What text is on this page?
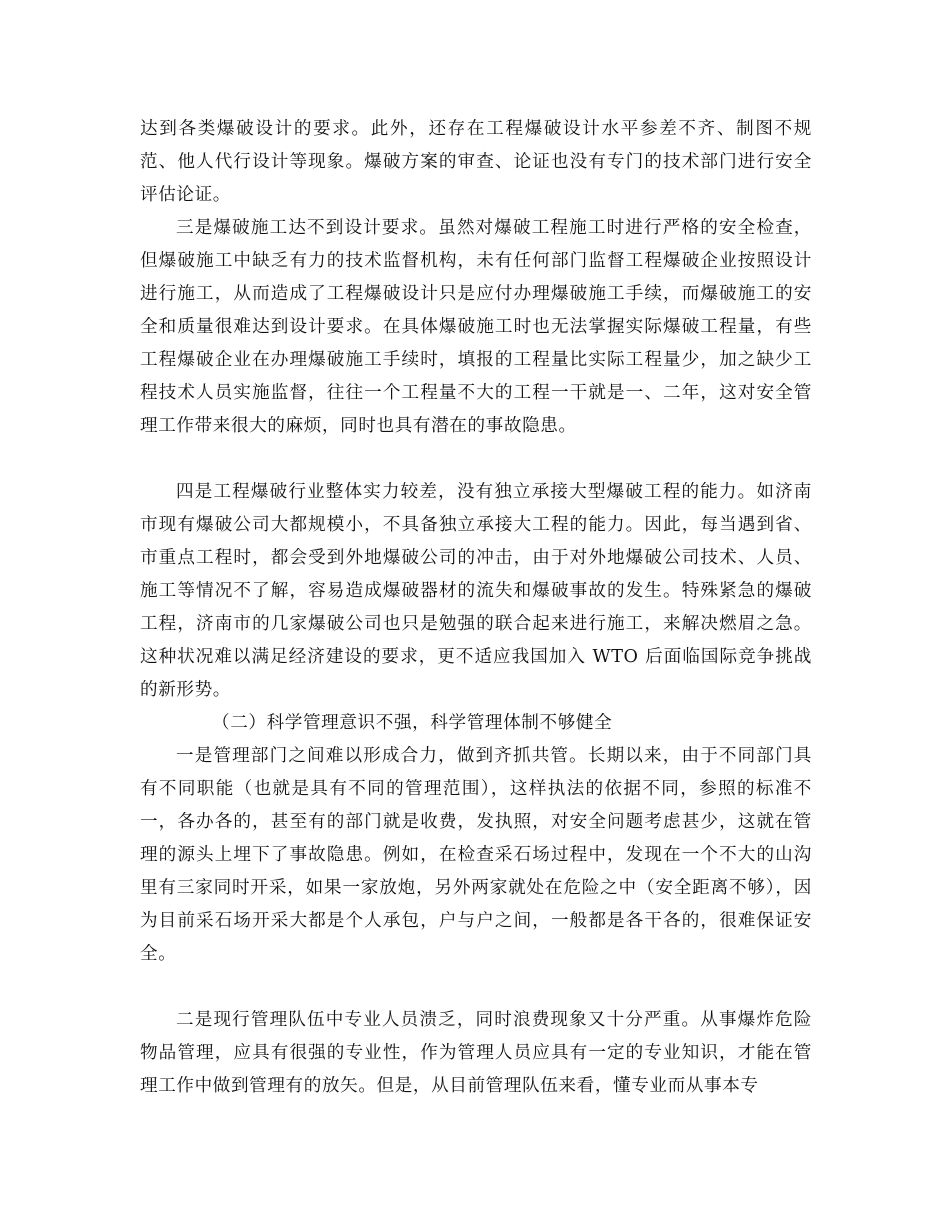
达到各类爆破设计的要求。此外，还存在工程爆破设计水平参差不齐、制图不规范、他人代行设计等现象。爆破方案的审查、论证也没有专门的技术部门进行安全评估论证。

三是爆破施工达不到设计要求。虽然对爆破工程施工时进行严格的安全检查，但爆破施工中缺乏有力的技术监督机构，未有任何部门监督工程爆破企业按照设计进行施工，从而造成了工程爆破设计只是应付办理爆破施工手续，而爆破施工的安全和质量很难达到设计要求。在具体爆破施工时也无法掌握实际爆破工程量，有些工程爆破企业在办理爆破施工手续时，填报的工程量比实际工程量少，加之缺少工程技术人员实施监督，往往一个工程量不大的工程一干就是一、二年，这对安全管理工作带来很大的麻烦，同时也具有潜在的事故隐患。

四是工程爆破行业整体实力较差，没有独立承接大型爆破工程的能力。如济南市现有爆破公司大都规模小，不具备独立承接大工程的能力。因此，每当遇到省、市重点工程时，都会受到外地爆破公司的冲击，由于对外地爆破公司技术、人员、施工等情况不了解，容易造成爆破器材的流失和爆破事故的发生。特殊紧急的爆破工程，济南市的几家爆破公司也只是勉强的联合起来进行施工，来解决燃眉之急。这种状况难以满足经济建设的要求，更不适应我国加入 WTO 后面临国际竞争挑战的新形势。

（二）科学管理意识不强，科学管理体制不够健全

一是管理部门之间难以形成合力，做到齐抓共管。长期以来，由于不同部门具有不同职能（也就是具有不同的管理范围），这样执法的依据不同，参照的标准不一，各办各的，甚至有的部门就是收费，发执照，对安全问题考虑甚少，这就在管理的源头上埋下了事故隐患。例如，在检查采石场过程中，发现在一个不大的山沟里有三家同时开采，如果一家放炮，另外两家就处在危险之中（安全距离不够），因为目前采石场开采大都是个人承包，户与户之间，一般都是各干各的，很难保证安全。

二是现行管理队伍中专业人员溃乏，同时浪费现象又十分严重。从事爆炸危险物品管理，应具有很强的专业性，作为管理人员应具有一定的专业知识，才能在管理工作中做到管理有的放矢。但是，从目前管理队伍来看，懂专业而从事本专
